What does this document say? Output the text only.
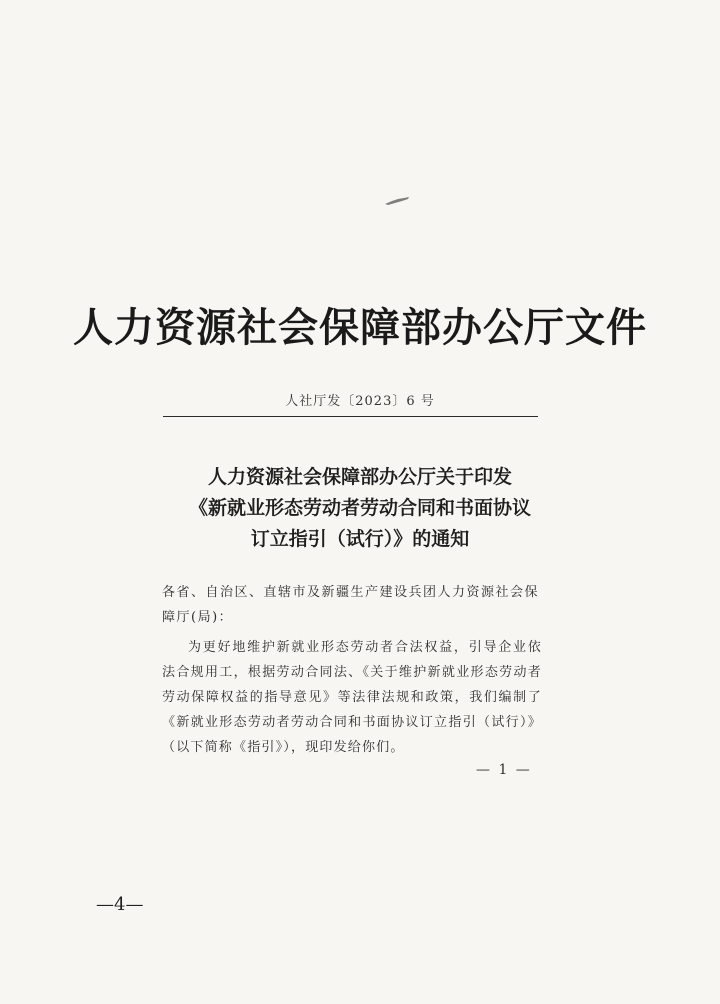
人力资源社会保障部办公厅文件
人社厅发〔2023〕6 号
人力资源社会保障部办公厅关于印发
《新就业形态劳动者劳动合同和书面协议
订立指引（试行）》的通知

各省、自治区、直辖市及新疆生产建设兵团人力资源社会保障厅(局)：

为更好地维护新就业形态劳动者合法权益，引导企业依法合规用工，根据劳动合同法、《关于维护新就业形态劳动者劳动保障权益的指导意见》等法律法规和政策，我们编制了《新就业形态劳动者劳动合同和书面协议订立指引（试行）》（以下简称《指引》），现印发给你们。

— 1 —
—4—
